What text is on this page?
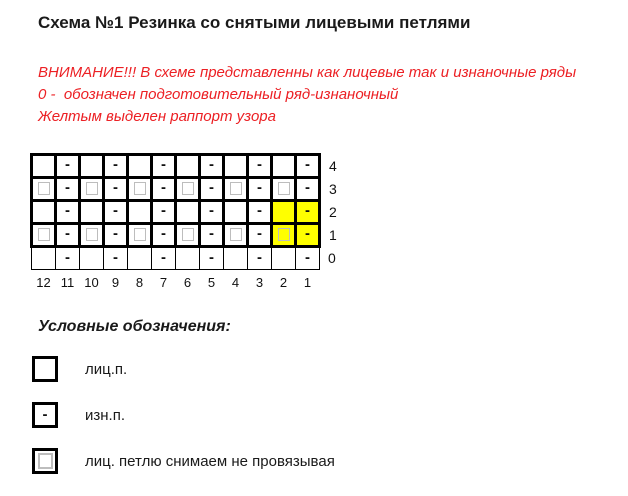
Схема №1 Резинка со снятыми лицевыми петлями
ВНИМАНИЕ!!! В схеме представленны как лицевые так и изнаночные ряды
0 -  обозначен подготовительный ряд-изнаночный
Желтым выделен раппорт узора
	-		-		-		-		-		-	4
	-		-		-		-		-		-	3
	-		-		-		-		-		-	2
	-		-		-		-		-		-	1
	-		-		-		-		-		-	0
12	11	10	9	8	7	6	5	4	3	2	1	
Условные обозначения:
лиц.п.
-	изн.п.
лиц. петлю снимаем не провязывая
